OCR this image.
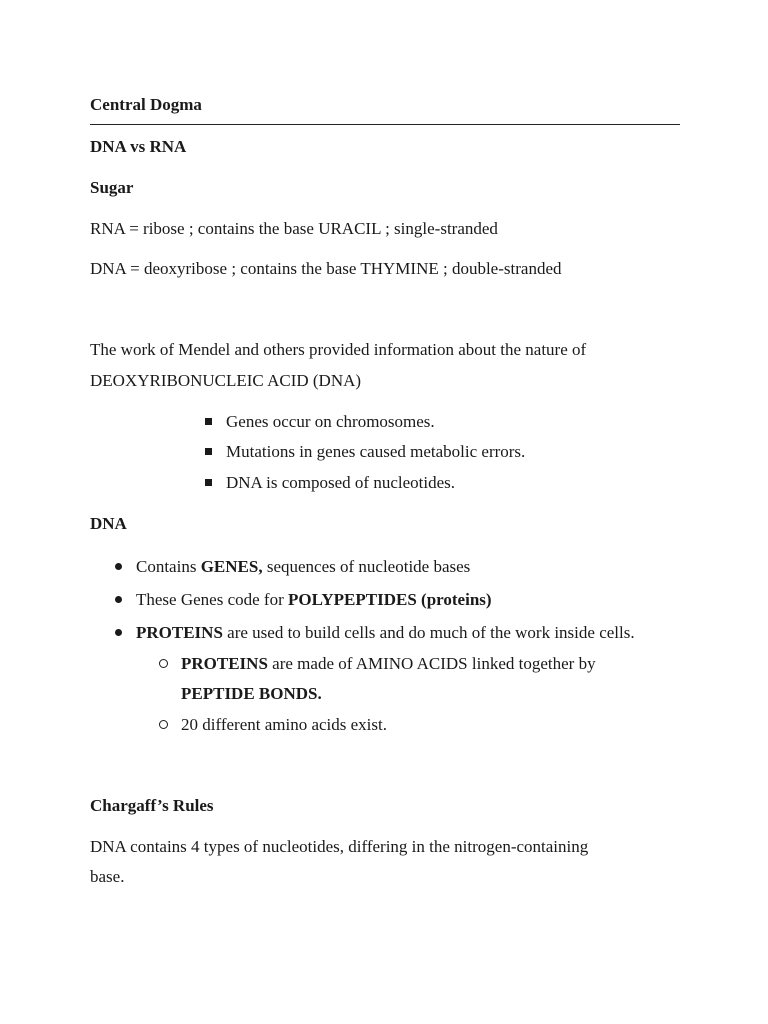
Central Dogma

DNA vs RNA

Sugar

RNA = ribose ; contains the base URACIL ; single-stranded

DNA = deoxyribose ; contains the base THYMINE ; double-stranded

The work of Mendel and others provided information about the nature of

DEOXYRIBONUCLEIC ACID (DNA)

Genes occur on chromosomes.

Mutations in genes caused metabolic errors.

DNA is composed of nucleotides.

DNA

Contains GENES, sequences of nucleotide bases

These Genes code for POLYPEPTIDES (proteins)

PROTEINS are used to build cells and do much of the work inside cells.

PROTEINS are made of AMINO ACIDS linked together by

PEPTIDE BONDS.

20 different amino acids exist.

Chargaff’s Rules

DNA contains 4 types of nucleotides, differing in the nitrogen-containing

base.
